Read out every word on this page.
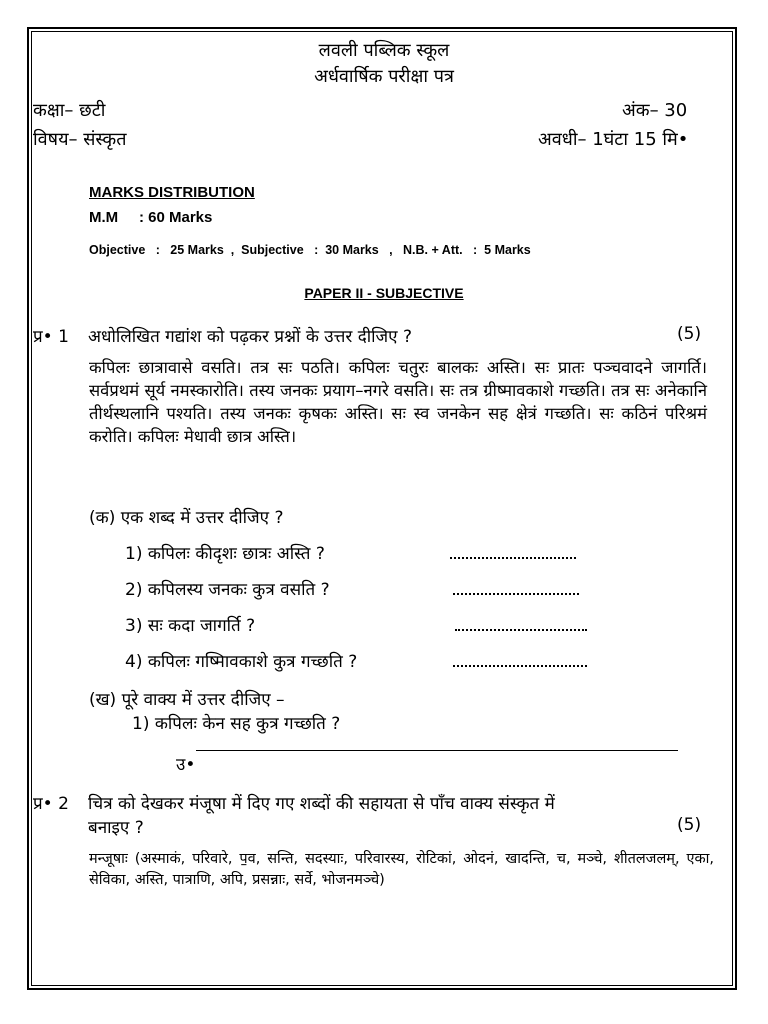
लवली पब्लिक स्कूल
अर्धवार्षिक परीक्षा पत्र
कक्षा– छटी	अंक– 30
विषय– संस्कृत	अवधी– 1घंटा 15 मि•
MARKS DISTRIBUTION
M.M     : 60 Marks
Objective   :   25 Marks  ,  Subjective   :  30 Marks   ,   N.B. + Att.   :  5 Marks
PAPER II - SUBJECTIVE
प्र• 1 अधोलिखित गद्यांश को पढ़कर प्रश्नों के उत्तर दीजिए ?	(5)
कपिलः छात्रावासे वसति। तत्र सः पठति। कपिलः चतुरः बालकः अस्ति। सः प्रातः पञ्चवादने जागर्ति। सर्वप्रथमं सूर्य नमस्कारोति। तस्य जनकः प्रयाग–नगरे वसति। सः तत्र ग्रीष्मावकाशे गच्छति। तत्र सः अनेकानि तीर्थस्थलानि पश्यति। तस्य जनकः कृषकः अस्ति। सः स्व जनकेन सह क्षेत्रं गच्छति। सः कठिनं परिश्रमं करोति। कपिलः मेधावी छात्र अस्ति।
(क) एक शब्द में उत्तर दीजिए ?
1) कपिलः कीदृशः छात्रः अस्ति ?
2) कपिलस्य जनकः कुत्र वसति ?
3) सः कदा जागर्ति ?
4) कपिलः गष्मिावकाशे कुत्र गच्छति ?
(ख) पूरे वाक्य में उत्तर दीजिए –
1) कपिलः केन सह कुत्र गच्छति ?
उ•
प्र• 2 चित्र को देखकर मंजूषा में दिए गए शब्दों की सहायता से पाँच वाक्य संस्कृत में
बनाइए ?	(5)
मन्जूषाः (अस्माकं, परिवारे, प॒व, सन्ति, सदस्याः, परिवारस्य, रोटिकां, ओदनं, खादन्ति, च, मञ्चे, शीतलजलम्, एका, सेविका, अस्ति, पात्राणि, अपि, प्रसन्नाः, सर्वे, भोजनमञ्चे)
